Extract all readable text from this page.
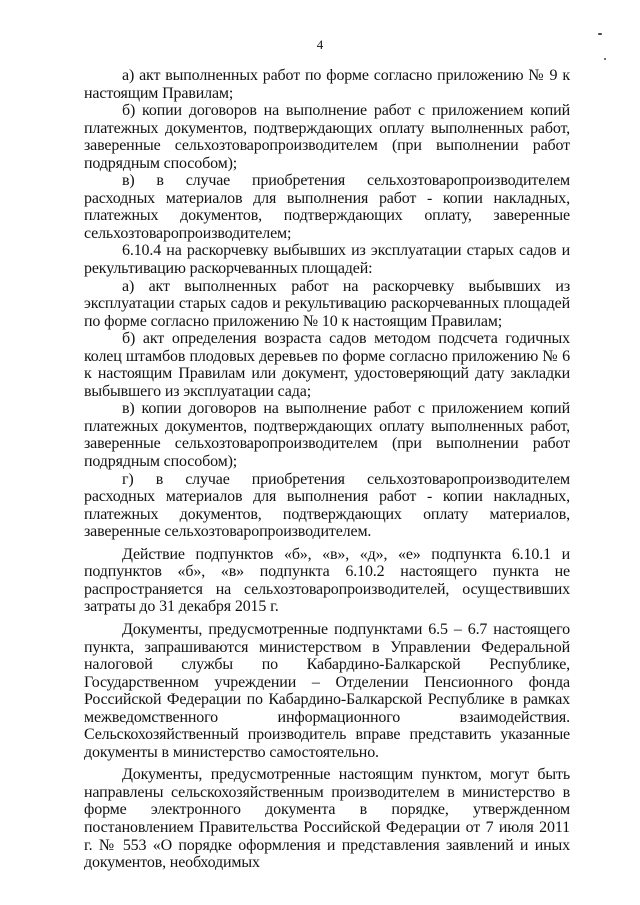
4

а) акт выполненных работ по форме согласно приложению № 9 к настоящим Правилам;

б) копии договоров на выполнение работ с приложением копий платежных документов, подтверждающих оплату выполненных работ, заверенные сельхозтоваропроизводителем (при выполнении работ подрядным способом);

в) в случае приобретения сельхозтоваропроизводителем расходных материалов для выполнения работ - копии накладных, платежных документов, подтверждающих оплату, заверенные сельхозтоваропроизводителем;

6.10.4 на раскорчевку выбывших из эксплуатации старых садов и рекультивацию раскорчеванных площадей:

а) акт выполненных работ на раскорчевку выбывших из эксплуатации старых садов и рекультивацию раскорчеванных площадей по форме согласно приложению № 10 к настоящим Правилам;

б) акт определения возраста садов методом подсчета годичных колец штамбов плодовых деревьев по форме согласно приложению № 6 к настоящим Правилам или документ, удостоверяющий дату закладки выбывшего из эксплуатации сада;

в) копии договоров на выполнение работ с приложением копий платежных документов, подтверждающих оплату выполненных работ, заверенные сельхозтоваропроизводителем (при выполнении работ подрядным способом);

г) в случае приобретения сельхозтоваропроизводителем расходных материалов для выполнения работ - копии накладных, платежных документов, подтверждающих оплату материалов, заверенные сельхозтоваропроизводителем.

Действие подпунктов «б», «в», «д», «е» подпункта 6.10.1 и подпунктов «б», «в» подпункта 6.10.2 настоящего пункта не распространяется на сельхозтоваропроизводителей, осуществивших затраты до 31 декабря 2015 г.

Документы, предусмотренные подпунктами 6.5 – 6.7 настоящего пункта, запрашиваются министерством в Управлении Федеральной налоговой службы по Кабардино-Балкарской Республике, Государственном учреждении – Отделении Пенсионного фонда Российской Федерации по Кабардино-Балкарской Республике в рамках межведомственного информационного взаимодействия. Сельскохозяйственный производитель вправе представить указанные документы в министерство самостоятельно.

Документы, предусмотренные настоящим пунктом, могут быть направлены сельскохозяйственным производителем в министерство в форме электронного документа в порядке, утвержденном постановлением Правительства Российской Федерации от 7 июля 2011 г. № 553 «О порядке оформления и представления заявлений и иных документов, необходимых
